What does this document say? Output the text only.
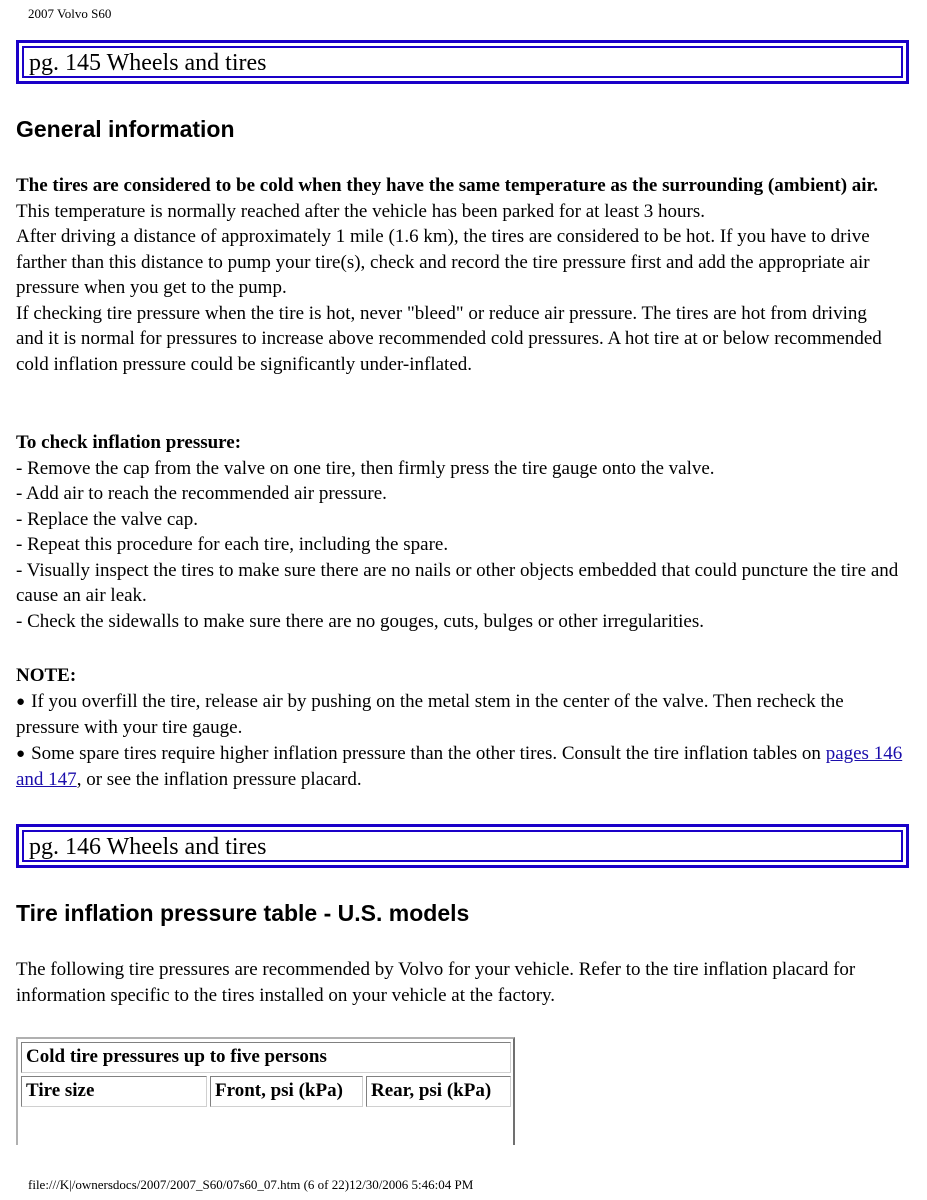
2007 Volvo S60
pg. 145 Wheels and tires
General information

The tires are considered to be cold when they have the same temperature as the surrounding (ambient) air.

This temperature is normally reached after the vehicle has been parked for at least 3 hours.

After driving a distance of approximately 1 mile (1.6 km), the tires are considered to be hot. If you have to drive farther than this distance to pump your tire(s), check and record the tire pressure first and add the appropriate air pressure when you get to the pump.

If checking tire pressure when the tire is hot, never "bleed" or reduce air pressure. The tires are hot from driving and it is normal for pressures to increase above recommended cold pressures. A hot tire at or below recommended cold inflation pressure could be significantly under-inflated.

To check inflation pressure:

- Remove the cap from the valve on one tire, then firmly press the tire gauge onto the valve.

- Add air to reach the recommended air pressure.

- Replace the valve cap.

- Repeat this procedure for each tire, including the spare.

- Visually inspect the tires to make sure there are no nails or other objects embedded that could puncture the tire and cause an air leak.

- Check the sidewalls to make sure there are no gouges, cuts, bulges or other irregularities.

NOTE:

● If you overfill the tire, release air by pushing on the metal stem in the center of the valve. Then recheck the pressure with your tire gauge.

● Some spare tires require higher inflation pressure than the other tires. Consult the tire inflation tables on pages 146 and 147, or see the inflation pressure placard.

pg. 146 Wheels and tires
Tire inflation pressure table - U.S. models

The following tire pressures are recommended by Volvo for your vehicle. Refer to the tire inflation placard for information specific to the tires installed on your vehicle at the factory.

Cold tire pressures up to five persons
Tire size	Front, psi (kPa)	Rear, psi (kPa)
file:///K|/ownersdocs/2007/2007_S60/07s60_07.htm (6 of 22)12/30/2006 5:46:04 PM
